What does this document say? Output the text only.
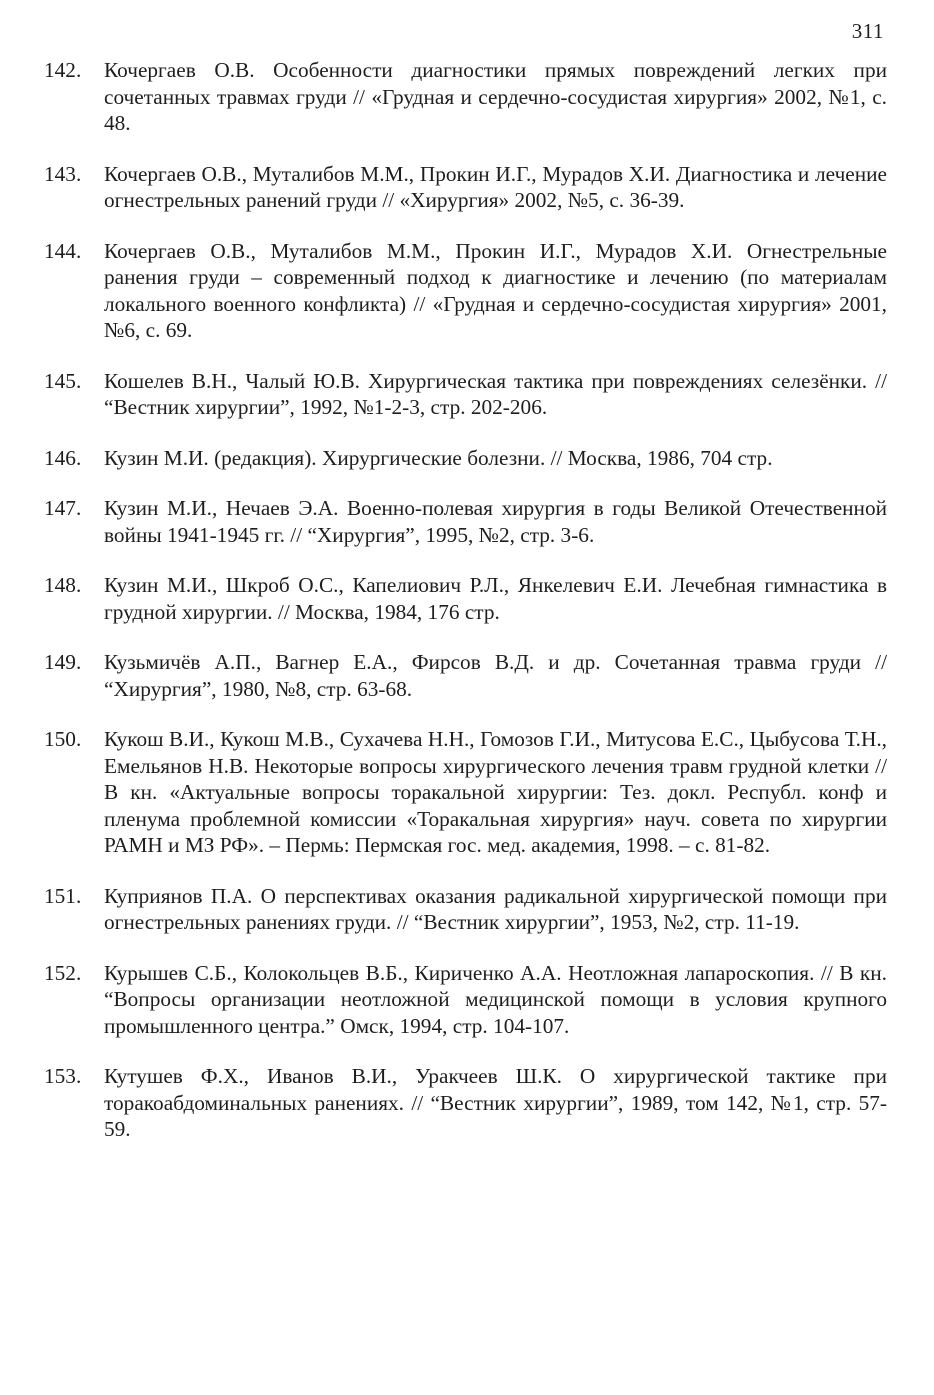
311
142.	Кочергаев О.В. Особенности диагностики прямых повреждений легких при сочетанных травмах груди // «Грудная и сердечно-сосудистая хирургия» 2002, №1, с. 48.
143.	Кочергаев О.В., Муталибов М.М., Прокин И.Г., Мурадов Х.И. Диагностика и лечение огнестрельных ранений груди // «Хирургия» 2002, №5, с. 36-39.
144.	Кочергаев О.В., Муталибов М.М., Прокин И.Г., Мурадов Х.И. Огнестрельные ранения груди – современный подход к диагностике и лечению (по материалам локального военного конфликта) // «Грудная и сердечно-сосудистая хирургия» 2001, №6, с. 69.
145.	Кошелев В.Н., Чалый Ю.В. Хирургическая тактика при повреждениях селезёнки. // “Вестник хирургии”, 1992, №1-2-3, стр. 202-206.
146.	Кузин М.И. (редакция). Хирургические болезни. // Москва, 1986, 704 стр.
147.	Кузин М.И., Нечаев Э.А. Военно-полевая хирургия в годы Великой Отечественной войны 1941-1945 гг. // “Хирургия”, 1995, №2, стр. 3-6.
148.	Кузин М.И., Шкроб О.С., Капелиович Р.Л., Янкелевич Е.И. Лечебная гимнастика в грудной хирургии. // Москва, 1984, 176 стр.
149.	Кузьмичёв А.П., Вагнер Е.А., Фирсов В.Д. и др. Сочетанная травма груди // “Хирургия”, 1980, №8, стр. 63-68.
150.	Кукош В.И., Кукош М.В., Сухачева Н.Н., Гомозов Г.И., Митусова Е.С., Цыбусова Т.Н., Емельянов Н.В. Некоторые вопросы хирургического лечения травм грудной клетки // В кн. «Актуальные вопросы торакальной хирургии: Тез. докл. Республ. конф и пленума проблемной комиссии «Торакальная хирургия» науч. совета по хирургии РАМН и МЗ РФ». – Пермь: Пермская гос. мед. академия, 1998. – с. 81-82.
151.	Куприянов П.А. О перспективах оказания радикальной хирургической помощи при огнестрельных ранениях груди. // “Вестник хирургии”, 1953, №2, стр. 11-19.
152.	Курышев С.Б., Колокольцев В.Б., Кириченко А.А. Неотложная лапароскопия. // В кн. “Вопросы организации неотложной медицинской помощи в условия крупного промышленного центра.” Омск, 1994, стр. 104-107.
153.	Кутушев Ф.Х., Иванов В.И., Уракчеев Ш.К. О хирургической тактике при торакоабдоминальных ранениях. // “Вестник хирургии”, 1989, том 142, №1, стр. 57-59.
